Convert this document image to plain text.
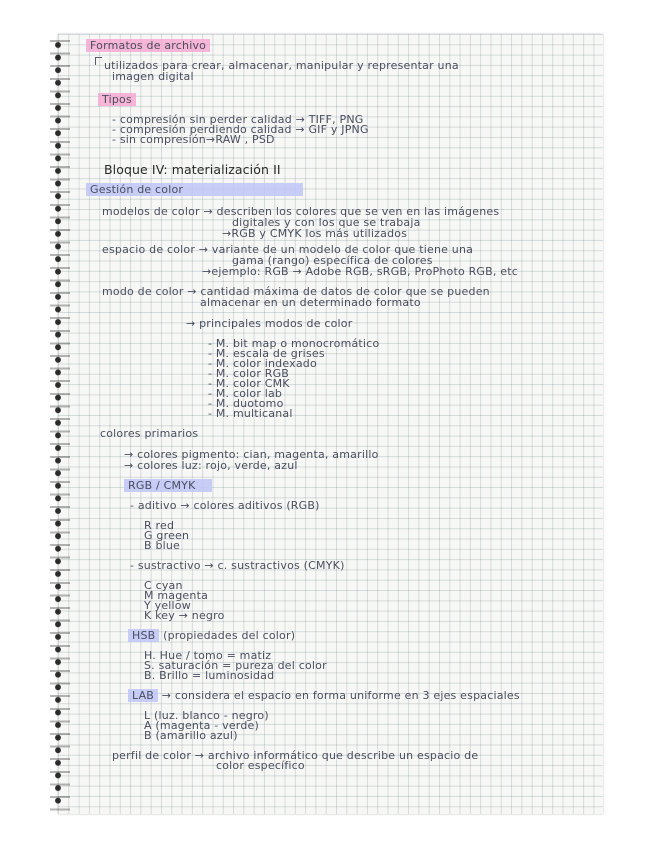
Formatos de archivo
utilizados para crear, almacenar, manipular y representar una
imagen digital
Tipos
- compresión sin perder calidad → TIFF, PNG
- compresión perdiendo calidad → GIF y JPNG
- sin compresión→RAW , PSD
Bloque IV: materialización II
Gestión de color
modelos de color → describen los colores que se ven en las imágenes
digitales y con los que se trabaja
→RGB y CMYK los más utilizados
espacio de color → variante de un modelo de color que tiene una
gama (rango) específica de colores
→ejemplo: RGB → Adobe RGB, sRGB, ProPhoto RGB, etc
modo de color → cantidad máxima de datos de color que se pueden
almacenar en un determinado formato
→ principales modos de color
- M. bit map o monocromático
- M. escala de grises
- M. color indexado
- M. color RGB
- M. color CMK
- M. color lab
- M. duotomo
- M. multicanal
colores primarios
→ colores pigmento: cian, magenta, amarillo
→ colores luz: rojo, verde, azul
RGB / CMYK
- aditivo → colores aditivos (RGB)
R red
G green
B blue
- sustractivo → c. sustractivos (CMYK)
C cyan
M magenta
Y yellow
K key → negro
HSB (propiedades del color)
H. Hue / tomo = matiz
S. saturación = pureza del color
B. Brillo = luminosidad
LAB → considera el espacio en forma uniforme en 3 ejes espaciales
L (luz. blanco - negro)
A (magenta - verde)
B (amarillo azul)
perfil de color → archivo informático que describe un espacio de
color específico
